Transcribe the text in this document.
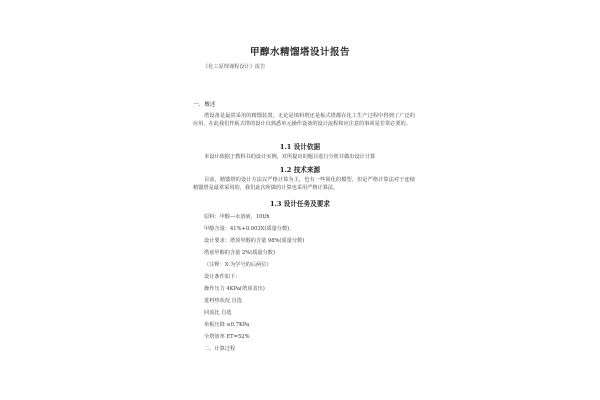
甲醇水精馏塔设计报告
《化工原理课程设计》报告
一、概述
塔设备是最常采用的精馏装置，无论是填料塔还是板式塔都在化工生产过程中得到了广泛的应用，在此我们作板式塔的设计以熟悉单元操作设备的设计流程和应注意的事项是非常必要的。
1.1 设计依据
本设计依据于教科书的设计实例，对所提出的题目进行分析并做出设计计算
1.2 技术来源
目前，精馏塔的设计方法以严格计算为主，也有一些简化的模型，但是严格计算法对于连续精馏塔是最常采用的，我们此次所做的计算也采用严格计算法。
1.3 设计任务及要求
原料：甲醇—水溶液，10t/h
甲醇含量：41%+0.003X(质量分数)，
设计要求：塔顶甲醇的含量 98%(质量分数)
塔底甲醇的含量 2%(质量分数)
（注释：X 为学号的后两位）
设计条件如下：
操作压力 4KPa(塔顶表压)
进料热状况 自选
回流比 自选
单板压降 ≤0.7KPa
全塔效率 ET=52%
二、计算过程
